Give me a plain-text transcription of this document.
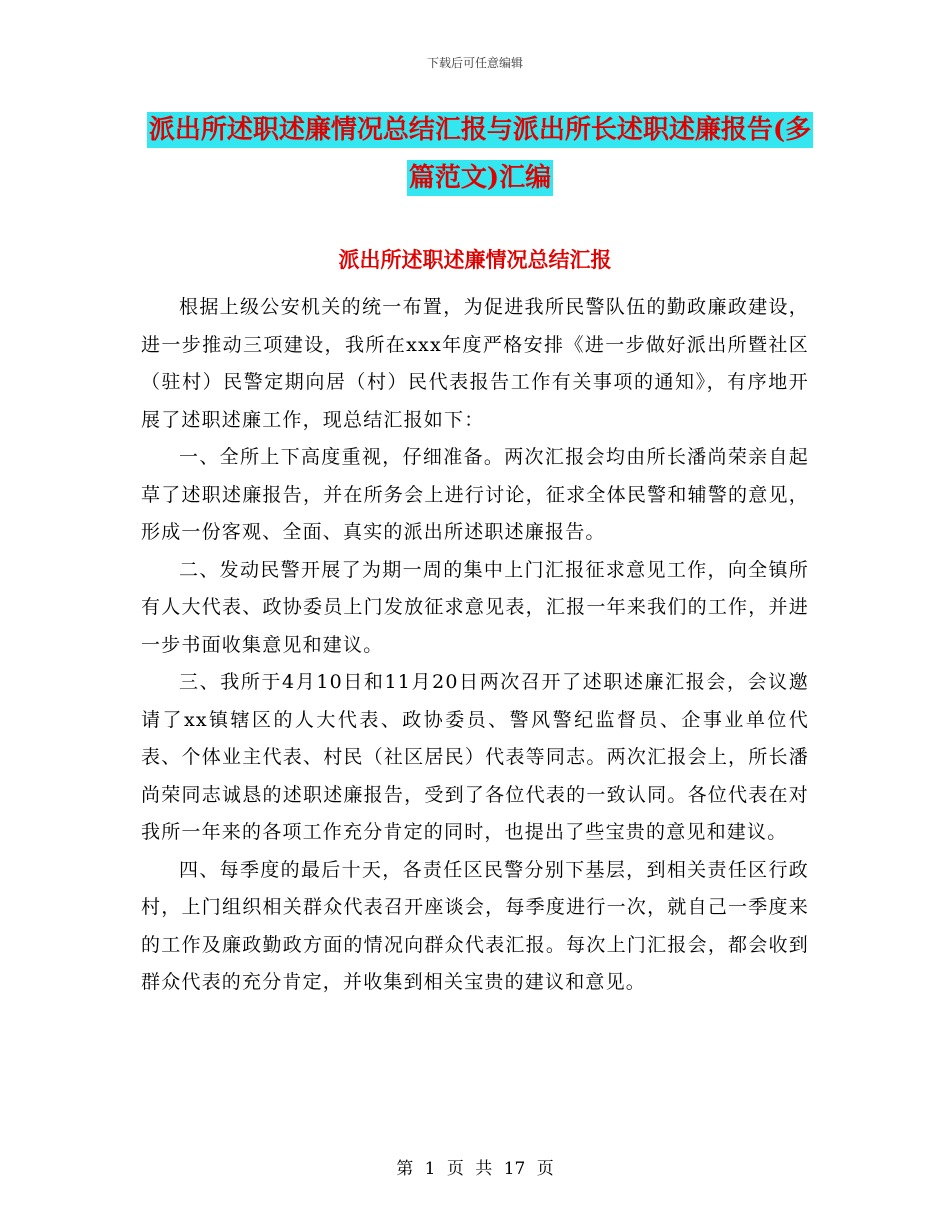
下载后可任意编辑
派出所述职述廉情况总结汇报与派出所长述职述廉报告(多篇范文)汇编
派出所述职述廉情况总结汇报

根据上级公安机关的统一布置，为促进我所民警队伍的勤政廉政建设，进一步推动三项建设，我所在xxx年度严格安排《进一步做好派出所暨社区（驻村）民警定期向居（村）民代表报告工作有关事项的通知》，有序地开展了述职述廉工作，现总结汇报如下：

一、全所上下高度重视，仔细准备。两次汇报会均由所长潘尚荣亲自起草了述职述廉报告，并在所务会上进行讨论，征求全体民警和辅警的意见，形成一份客观、全面、真实的派出所述职述廉报告。

二、发动民警开展了为期一周的集中上门汇报征求意见工作，向全镇所有人大代表、政协委员上门发放征求意见表，汇报一年来我们的工作，并进一步书面收集意见和建议。

三、我所于4月10日和11月20日两次召开了述职述廉汇报会，会议邀请了xx镇辖区的人大代表、政协委员、警风警纪监督员、企事业单位代表、个体业主代表、村民（社区居民）代表等同志。两次汇报会上，所长潘尚荣同志诚恳的述职述廉报告，受到了各位代表的一致认同。各位代表在对我所一年来的各项工作充分肯定的同时，也提出了些宝贵的意见和建议。

四、每季度的最后十天，各责任区民警分别下基层，到相关责任区行政村，上门组织相关群众代表召开座谈会，每季度进行一次，就自己一季度来的工作及廉政勤政方面的情况向群众代表汇报。每次上门汇报会，都会收到群众代表的充分肯定，并收集到相关宝贵的建议和意见。

第 1 页 共 17 页
